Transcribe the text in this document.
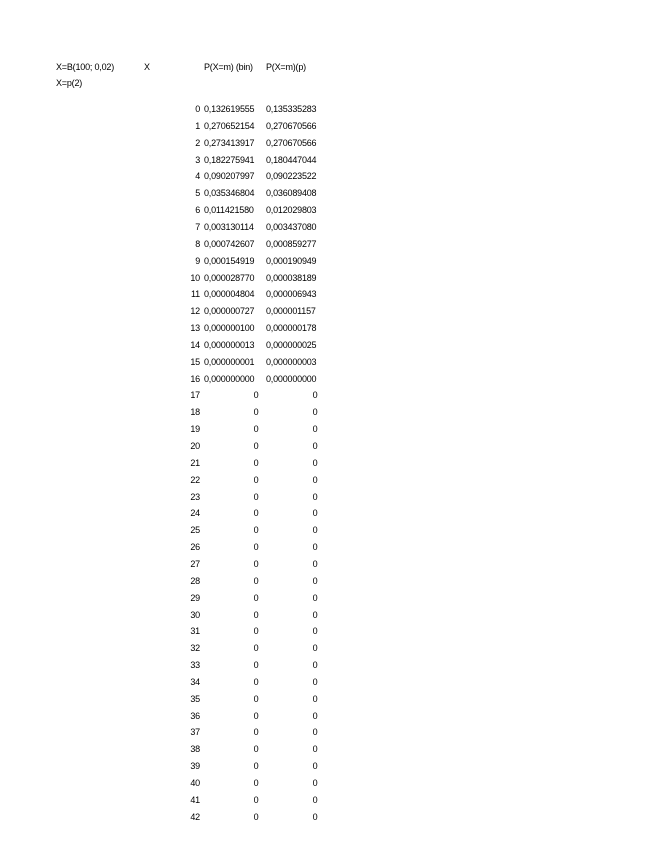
X=B(100; 0,02)	X	P(X=m) (bin)	P(X=m)(p)
X=p(2)
0 0,132619555	0,135335283
1 0,270652154	0,270670566
2 0,273413917	0,270670566
3 0,182275941	0,180447044
4 0,090207997	0,090223522
5 0,035346804	0,036089408
6 0,011421580	0,012029803
7 0,003130114	0,003437080
8 0,000742607	0,000859277
9 0,000154919	0,000190949
10 0,000028770	0,000038189
11 0,000004804	0,000006943
12 0,000000727	0,000001157
13 0,000000100	0,000000178
14 0,000000013	0,000000025
15 0,000000001	0,000000003
16 0,000000000	0,000000000
17	0	0
18	0	0
19	0	0
20	0	0
21	0	0
22	0	0
23	0	0
24	0	0
25	0	0
26	0	0
27	0	0
28	0	0
29	0	0
30	0	0
31	0	0
32	0	0
33	0	0
34	0	0
35	0	0
36	0	0
37	0	0
38	0	0
39	0	0
40	0	0
41	0	0
42	0	0
